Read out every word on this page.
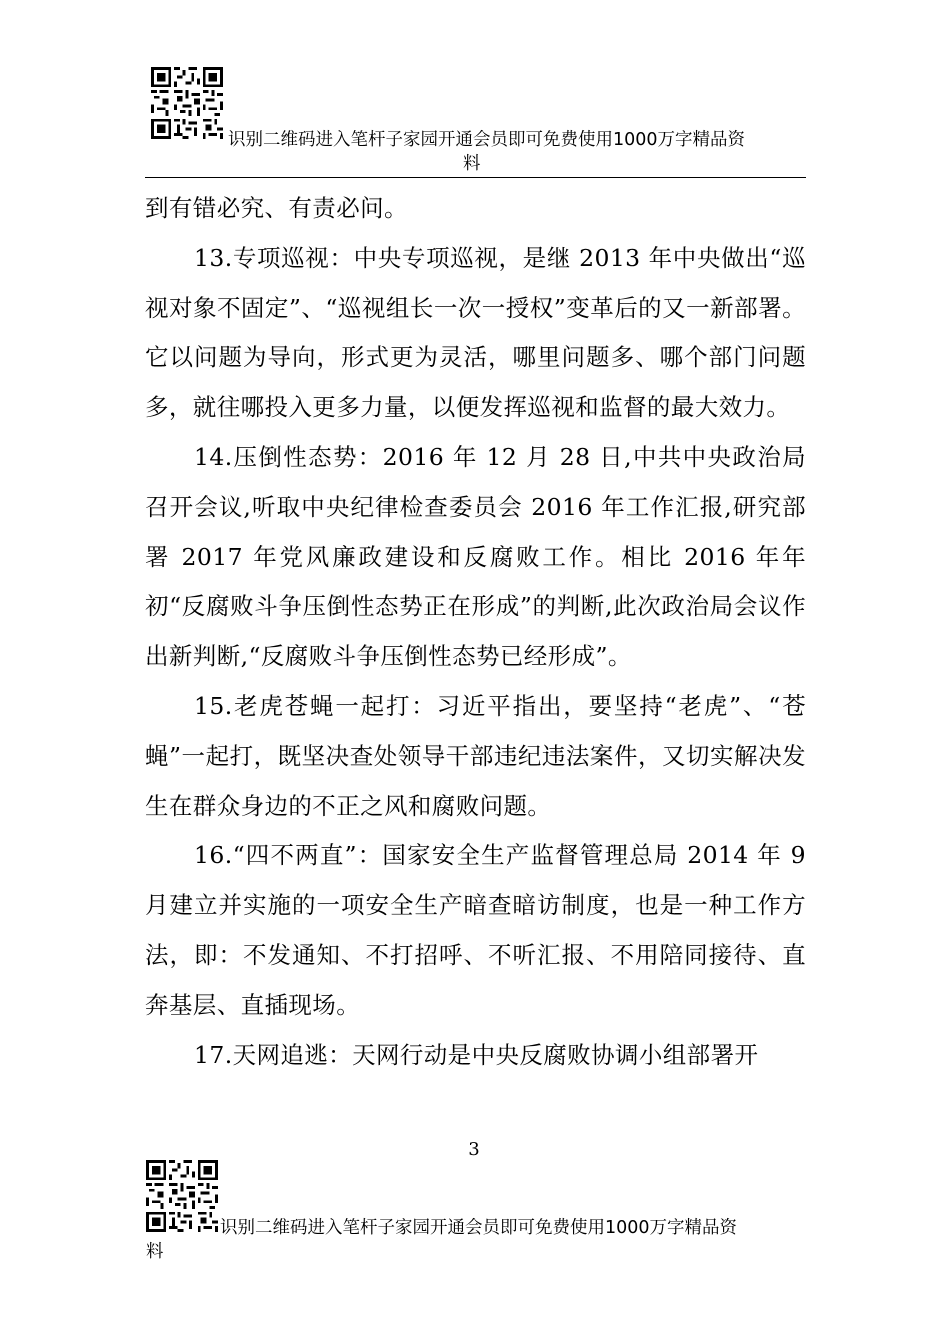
识别二维码进入笔杆子家园开通会员即可免费使用1000万字精品资
料

到有错必究、有责必问。

13.专项巡视：中央专项巡视，是继 2013 年中央做出“巡视对象不固定”、“巡视组长一次一授权”变革后的又一新部署。它以问题为导向，形式更为灵活，哪里问题多、哪个部门问题多，就往哪投入更多力量，以便发挥巡视和监督的最大效力。

14.压倒性态势：2016 年 12 月 28 日,中共中央政治局召开会议,听取中央纪律检查委员会 2016 年工作汇报,研究部署 2017 年党风廉政建设和反腐败工作。相比 2016 年年初“反腐败斗争压倒性态势正在形成”的判断,此次政治局会议作出新判断,“反腐败斗争压倒性态势已经形成”。

15.老虎苍蝇一起打：习近平指出，要坚持“老虎”、“苍蝇”一起打，既坚决查处领导干部违纪违法案件，又切实解决发生在群众身边的不正之风和腐败问题。

16.“四不两直”：国家安全生产监督管理总局 2014 年 9 月建立并实施的一项安全生产暗查暗访制度，也是一种工作方法，即：不发通知、不打招呼、不听汇报、不用陪同接待、直奔基层、直插现场。

17.天网追逃：天网行动是中央反腐败协调小组部署开

3
识别二维码进入笔杆子家园开通会员即可免费使用1000万字精品资
料
